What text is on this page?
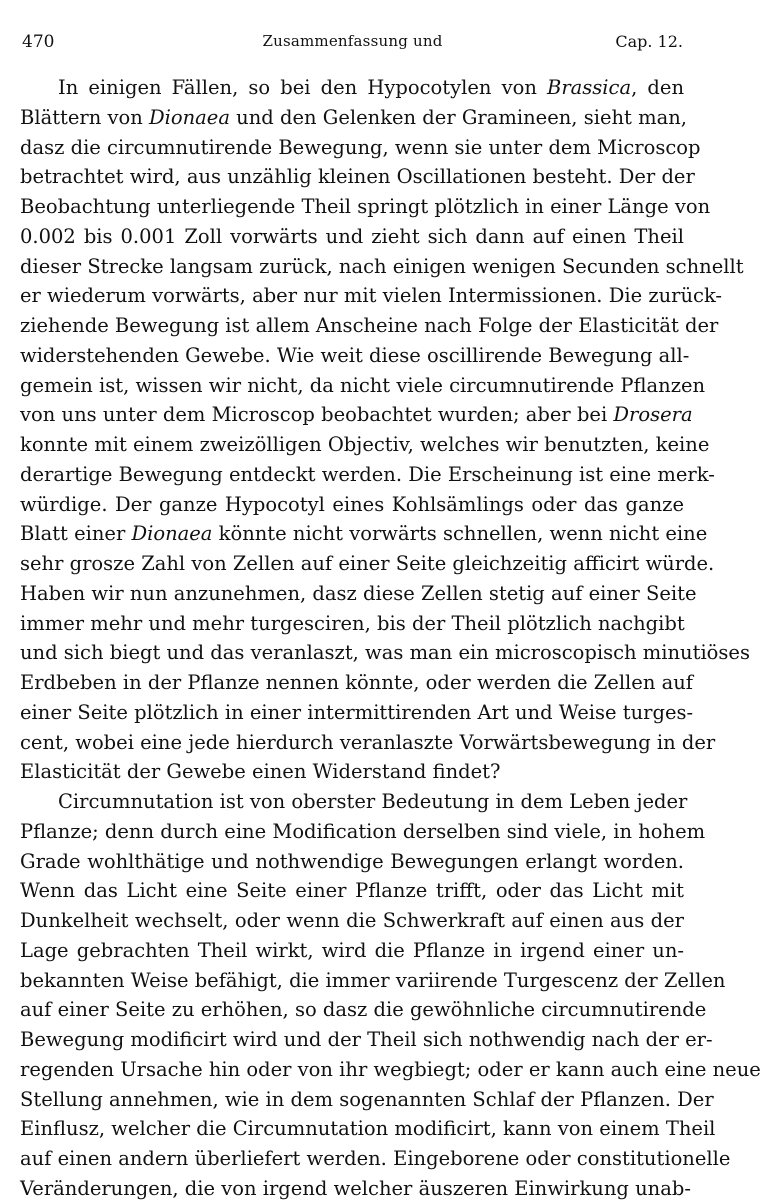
470	Zusammenfassung und	Cap. 12.
In einigen Fällen, so bei den Hypocotylen von Brassica, den
Blättern von Dionaea und den Gelenken der Gramineen, sieht man,
dasz die circumnutirende Bewegung, wenn sie unter dem Microscop
betrachtet wird, aus unzählig kleinen Oscillationen besteht. Der der
Beobachtung unterliegende Theil springt plötzlich in einer Länge von
0.002 bis 0.001 Zoll vorwärts und zieht sich dann auf einen Theil
dieser Strecke langsam zurück, nach einigen wenigen Secunden schnellt
er wiederum vorwärts, aber nur mit vielen Intermissionen. Die zurück-
ziehende Bewegung ist allem Anscheine nach Folge der Elasticität der
widerstehenden Gewebe. Wie weit diese oscillirende Bewegung all-
gemein ist, wissen wir nicht, da nicht viele circumnutirende Pflanzen
von uns unter dem Microscop beobachtet wurden; aber bei Drosera
konnte mit einem zweizölligen Objectiv, welches wir benutzten, keine
derartige Bewegung entdeckt werden. Die Erscheinung ist eine merk-
würdige. Der ganze Hypocotyl eines Kohlsämlings oder das ganze
Blatt einer Dionaea könnte nicht vorwärts schnellen, wenn nicht eine
sehr grosze Zahl von Zellen auf einer Seite gleichzeitig afficirt würde.
Haben wir nun anzunehmen, dasz diese Zellen stetig auf einer Seite
immer mehr und mehr turgesciren, bis der Theil plötzlich nachgibt
und sich biegt und das veranlaszt, was man ein microscopisch minutiöses
Erdbeben in der Pflanze nennen könnte, oder werden die Zellen auf
einer Seite plötzlich in einer intermittirenden Art und Weise turges-
cent, wobei eine jede hierdurch veranlaszte Vorwärtsbewegung in der
Elasticität der Gewebe einen Widerstand findet?
Circumnutation ist von oberster Bedeutung in dem Leben jeder
Pflanze; denn durch eine Modification derselben sind viele, in hohem
Grade wohlthätige und nothwendige Bewegungen erlangt worden.
Wenn das Licht eine Seite einer Pflanze trifft, oder das Licht mit
Dunkelheit wechselt, oder wenn die Schwerkraft auf einen aus der
Lage gebrachten Theil wirkt, wird die Pflanze in irgend einer un-
bekannten Weise befähigt, die immer variirende Turgescenz der Zellen
auf einer Seite zu erhöhen, so dasz die gewöhnliche circumnutirende
Bewegung modificirt wird und der Theil sich nothwendig nach der er-
regenden Ursache hin oder von ihr wegbiegt; oder er kann auch eine neue
Stellung annehmen, wie in dem sogenannten Schlaf der Pflanzen. Der
Einflusz, welcher die Circumnutation modificirt, kann von einem Theil
auf einen andern überliefert werden. Eingeborene oder constitutionelle
Veränderungen, die von irgend welcher äuszeren Einwirkung unab-
